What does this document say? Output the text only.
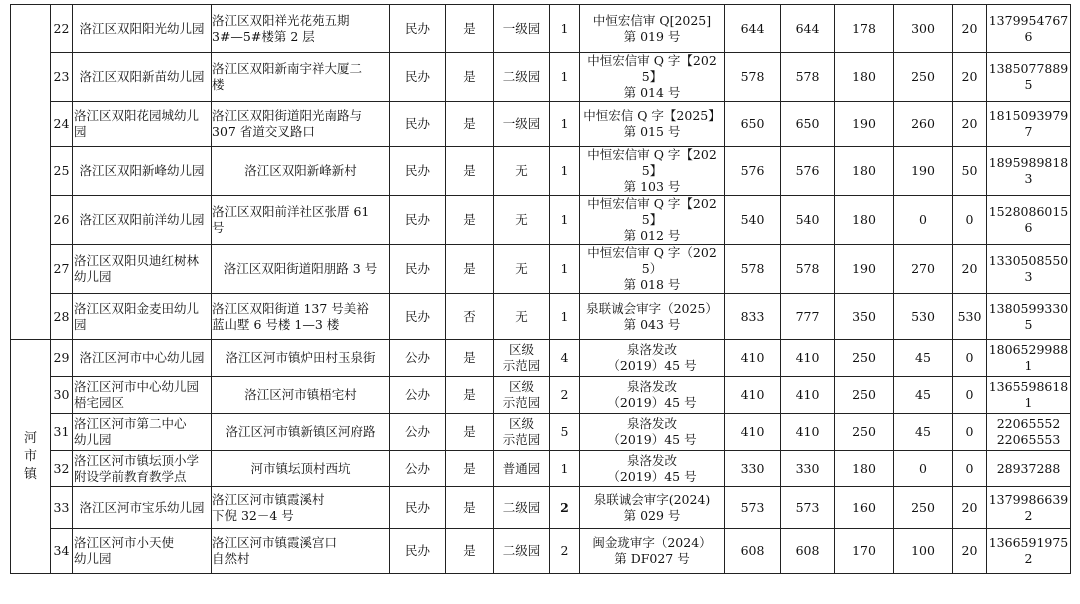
	22	洛江区双阳阳光幼儿园	洛江区双阳祥光花苑五期
3#—5#楼第 2 层	民办	是	一级园	1	中恒宏信审 Q[2025]
第 019 号	644	644	178	300	20	13799547676
	23	洛江区双阳新苗幼儿园	洛江区双阳新南宇祥大厦二
楼	民办	是	二级园	1	中恒宏信审 Q 字【2025】
第 014 号	578	578	180	250	20	13850778895
	24	洛江区双阳花园城幼儿
园	洛江区双阳街道阳光南路与
307 省道交叉路口	民办	是	一级园	1	中恒宏信 Q 字【2025】
第 015 号	650	650	190	260	20	18150939797
	25	洛江区双阳新峰幼儿园	洛江区双阳新峰新村	民办	是	无	1	中恒宏信审 Q 字【2025】
第 103 号	576	576	180	190	50	18959898183
	26	洛江区双阳前洋幼儿园	洛江区双阳前洋社区张厝 61
号	民办	是	无	1	中恒宏信审 Q 字【2025】
第 012 号	540	540	180	0	0	15280860156
	27	洛江区双阳贝迪红树林
幼儿园	洛江区双阳街道阳朋路 3 号	民办	是	无	1	中恒宏信审 Q 字（2025）
第 018 号	578	578	190	270	20	13305085503
	28	洛江区双阳金麦田幼儿
园	洛江区双阳街道 137 号美裕
蓝山墅 6 号楼 1—3 楼	民办	否	无	1	泉联诚会审字（2025）
第 043 号	833	777	350	530	530	13805993305
河
市
镇	29	洛江区河市中心幼儿园	洛江区河市镇炉田村玉泉街	公办	是	区级
示范园	4	泉洛发改
（2019）45 号	410	410	250	45	0	18065299881
	30	洛江区河市中心幼儿园
梧宅园区	洛江区河市镇梧宅村	公办	是	区级
示范园	2	泉洛发改
（2019）45 号	410	410	250	45	0	13655986181
	31	洛江区河市第二中心
幼儿园	洛江区河市镇新镇区河府路	公办	是	区级
示范园	5	泉洛发改
（2019）45 号	410	410	250	45	0	22065552
22065553
	32	洛江区河市镇坛顶小学
附设学前教育教学点	河市镇坛顶村西坑	公办	是	普通园	1	泉洛发改
（2019）45 号	330	330	180	0	0	28937288
	33	洛江区河市宝乐幼儿园	洛江区河市镇霞溪村
下倪 32－4 号	民办	是	二级园	2	泉联诚会审字(2024)
第 029 号	573	573	160	250	20	13799866392
	34	洛江区河市小天使
幼儿园	洛江区河市镇霞溪宫口
自然村	民办	是	二级园	2	闽金珑审字（2024）
第 DF027 号	608	608	170	100	20	13665919752
